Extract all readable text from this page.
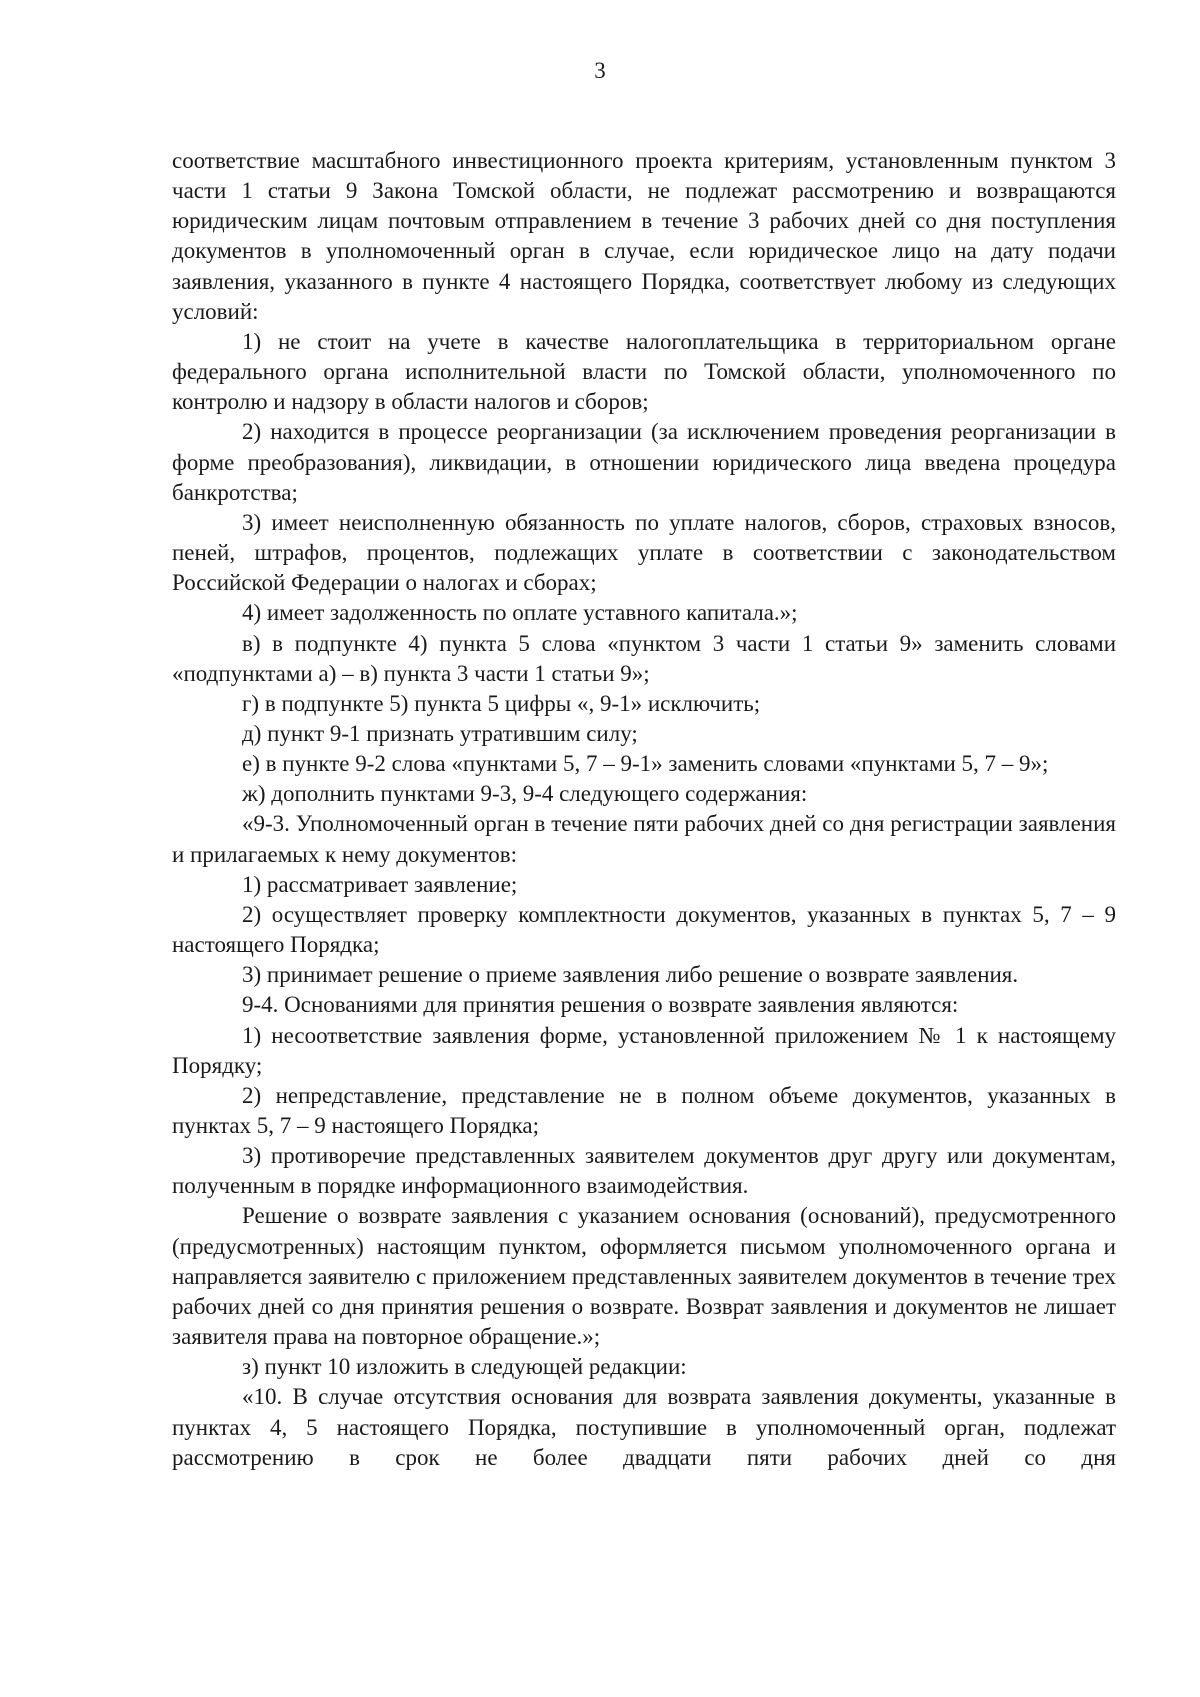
3

соответствие масштабного инвестиционного проекта критериям, установленным пунктом 3 части 1 статьи 9 Закона Томской области, не подлежат рассмотрению и возвращаются юридическим лицам почтовым отправлением в течение 3 рабочих дней со дня поступления документов в уполномоченный орган в случае, если юридическое лицо на дату подачи заявления, указанного в пункте 4 настоящего Порядка, соответствует любому из следующих условий:

1) не стоит на учете в качестве налогоплательщика в территориальном органе федерального органа исполнительной власти по Томской области, уполномоченного по контролю и надзору в области налогов и сборов;

2) находится в процессе реорганизации (за исключением проведения реорганизации в форме преобразования), ликвидации, в отношении юридического лица введена процедура банкротства;

3) имеет неисполненную обязанность по уплате налогов, сборов, страховых взносов, пеней, штрафов, процентов, подлежащих уплате в соответствии с законодательством Российской Федерации о налогах и сборах;

4) имеет задолженность по оплате уставного капитала.»;

в) в подпункте 4) пункта 5 слова «пунктом 3 части 1 статьи 9» заменить словами «подпунктами а) – в) пункта 3 части 1 статьи 9»;

г) в подпункте 5) пункта 5 цифры «, 9-1» исключить;

д) пункт 9-1 признать утратившим силу;

е) в пункте 9-2 слова «пунктами 5, 7 – 9-1» заменить словами «пунктами 5, 7 – 9»;

ж) дополнить пунктами 9-3, 9-4 следующего содержания:

«9-3. Уполномоченный орган в течение пяти рабочих дней со дня регистрации заявления и прилагаемых к нему документов:

1) рассматривает заявление;

2) осуществляет проверку комплектности документов, указанных в пунктах 5, 7 – 9 настоящего Порядка;

3) принимает решение о приеме заявления либо решение о возврате заявления.

9-4. Основаниями для принятия решения о возврате заявления являются:

1) несоответствие заявления форме, установленной приложением № 1 к настоящему Порядку;

2) непредставление, представление не в полном объеме документов, указанных в пунктах 5, 7 – 9 настоящего Порядка;

3) противоречие представленных заявителем документов друг другу или документам, полученным в порядке информационного взаимодействия.

Решение о возврате заявления с указанием основания (оснований), предусмотренного (предусмотренных) настоящим пунктом, оформляется письмом уполномоченного органа и направляется заявителю с приложением представленных заявителем документов в течение трех рабочих дней со дня принятия решения о возврате. Возврат заявления и документов не лишает заявителя права на повторное обращение.»;

з) пункт 10 изложить в следующей редакции:

«10. В случае отсутствия основания для возврата заявления документы, указанные в пунктах 4, 5 настоящего Порядка, поступившие в уполномоченный орган, подлежат рассмотрению в срок не более двадцати пяти рабочих дней со дня
